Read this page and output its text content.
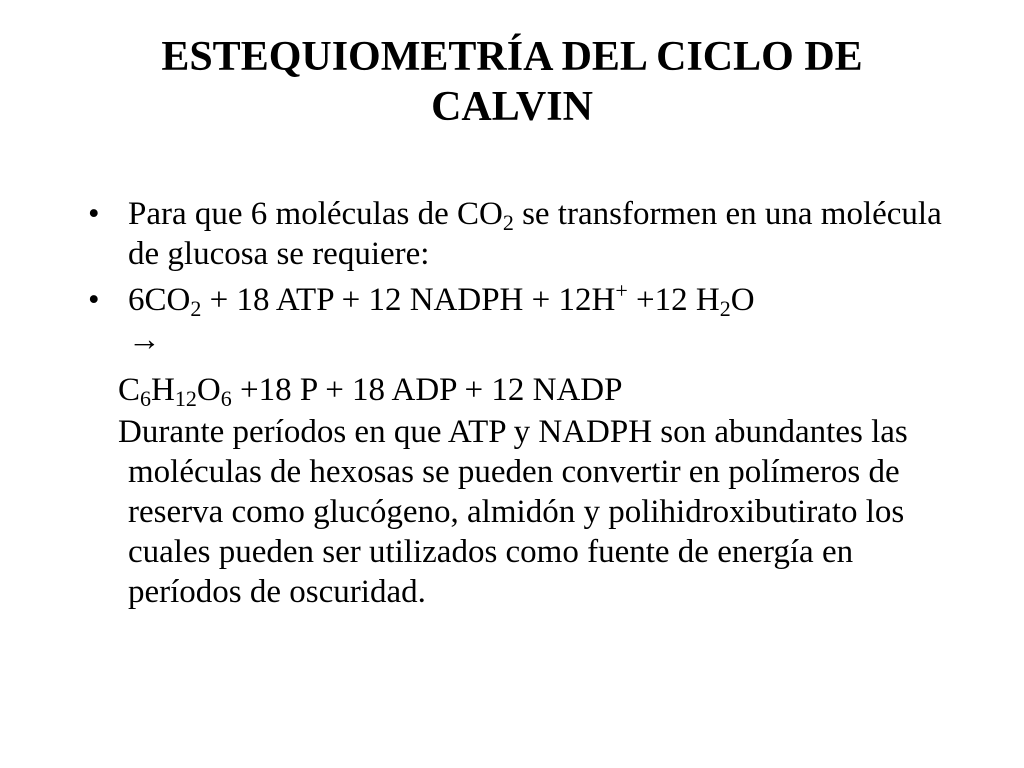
ESTEQUIOMETRÍA DEL CICLO DE
CALVIN
• Para que 6 moléculas de $CO_2$ se transformen en una molécula de glucosa se requiere:
• $6CO_2 + 18$ ATP + 12 NADPH + 12H+ +12 $H_2O$
→
$C_6H_{12}O_6 +18$ P + 18 ADP + 12 NADP
Durante períodos en que ATP y NADPH son abundantes las moléculas de hexosas se pueden convertir en polímeros de reserva como glucógeno, almidón y polihidroxibutirato los cuales pueden ser utilizados como fuente de energía en períodos de oscuridad.
